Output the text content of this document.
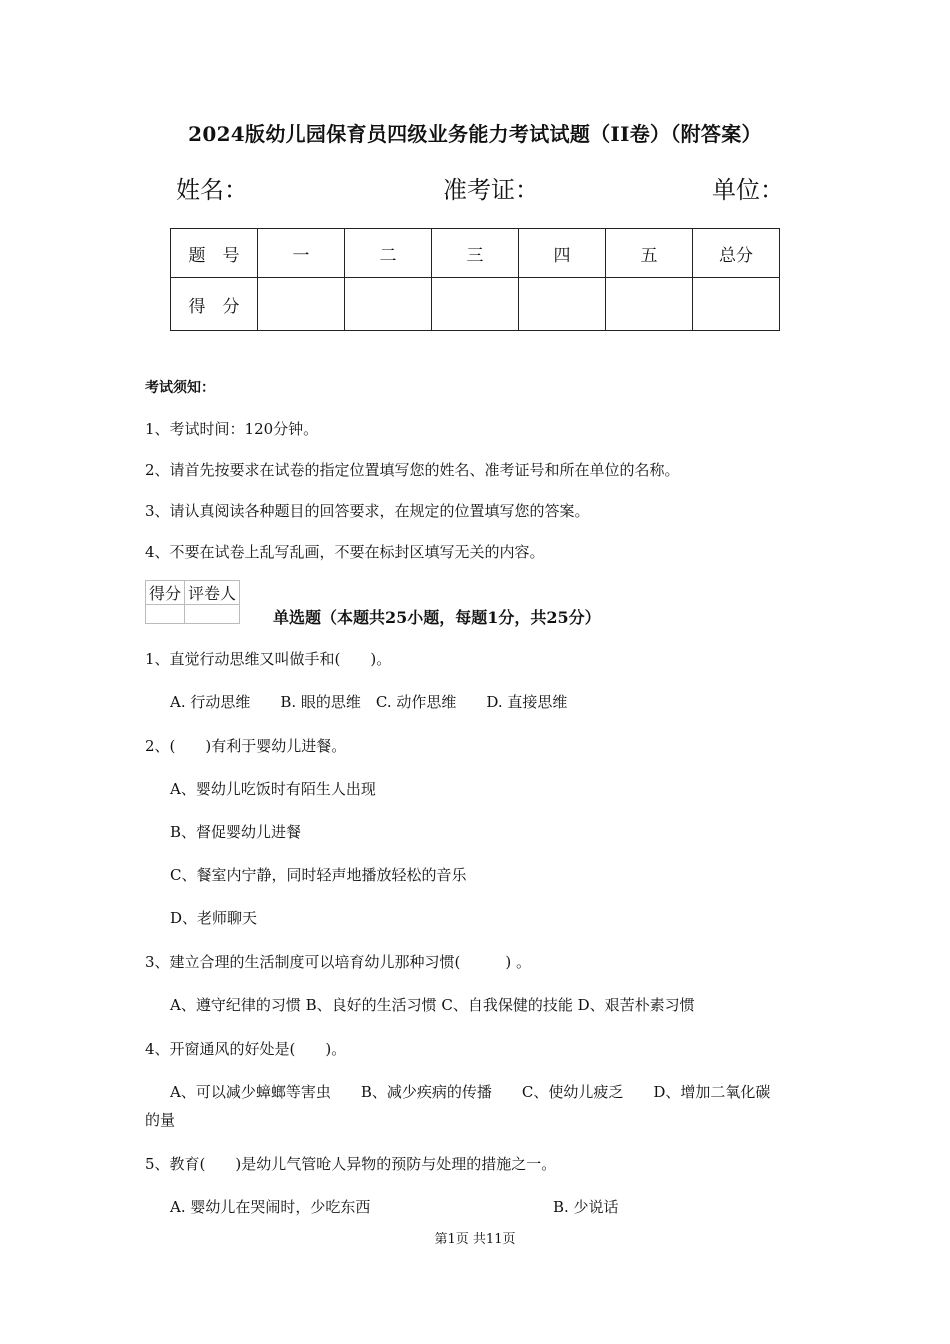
2024版幼儿园保育员四级业务能力考试试题（II卷）（附答案）
姓名：	准考证：	单位：
题　号	一	二	三	四	五	总分
得　分						
考试须知：
1、考试时间：120分钟。
2、请首先按要求在试卷的指定位置填写您的姓名、准考证号和所在单位的名称。
3、请认真阅读各种题目的回答要求，在规定的位置填写您的答案。
4、不要在试卷上乱写乱画，不要在标封区填写无关的内容。
得分	评卷人

单选题（本题共25小题，每题1分，共25分）
1、直觉行动思维又叫做手和(　　)。
A. 行动思维　　B. 眼的思维　C. 动作思维　　D. 直接思维
2、(　　)有利于婴幼儿进餐。
A、婴幼儿吃饭时有陌生人出现
B、督促婴幼儿进餐
C、餐室内宁静，同时轻声地播放轻松的音乐
D、老师聊天
3、建立合理的生活制度可以培育幼儿那种习惯(　　　) 。
A、遵守纪律的习惯 B、良好的生活习惯 C、自我保健的技能 D、艰苦朴素习惯
4、开窗通风的好处是(　　)。
A、可以减少蟑螂等害虫　　B、减少疾病的传播　　C、使幼儿疲乏　　D、增加二氧化碳
的量
5、教育(　　)是幼儿气管呛人异物的预防与处理的措施之一。
A. 婴幼儿在哭闹时，少吃东西	B. 少说话
第1页 共11页
